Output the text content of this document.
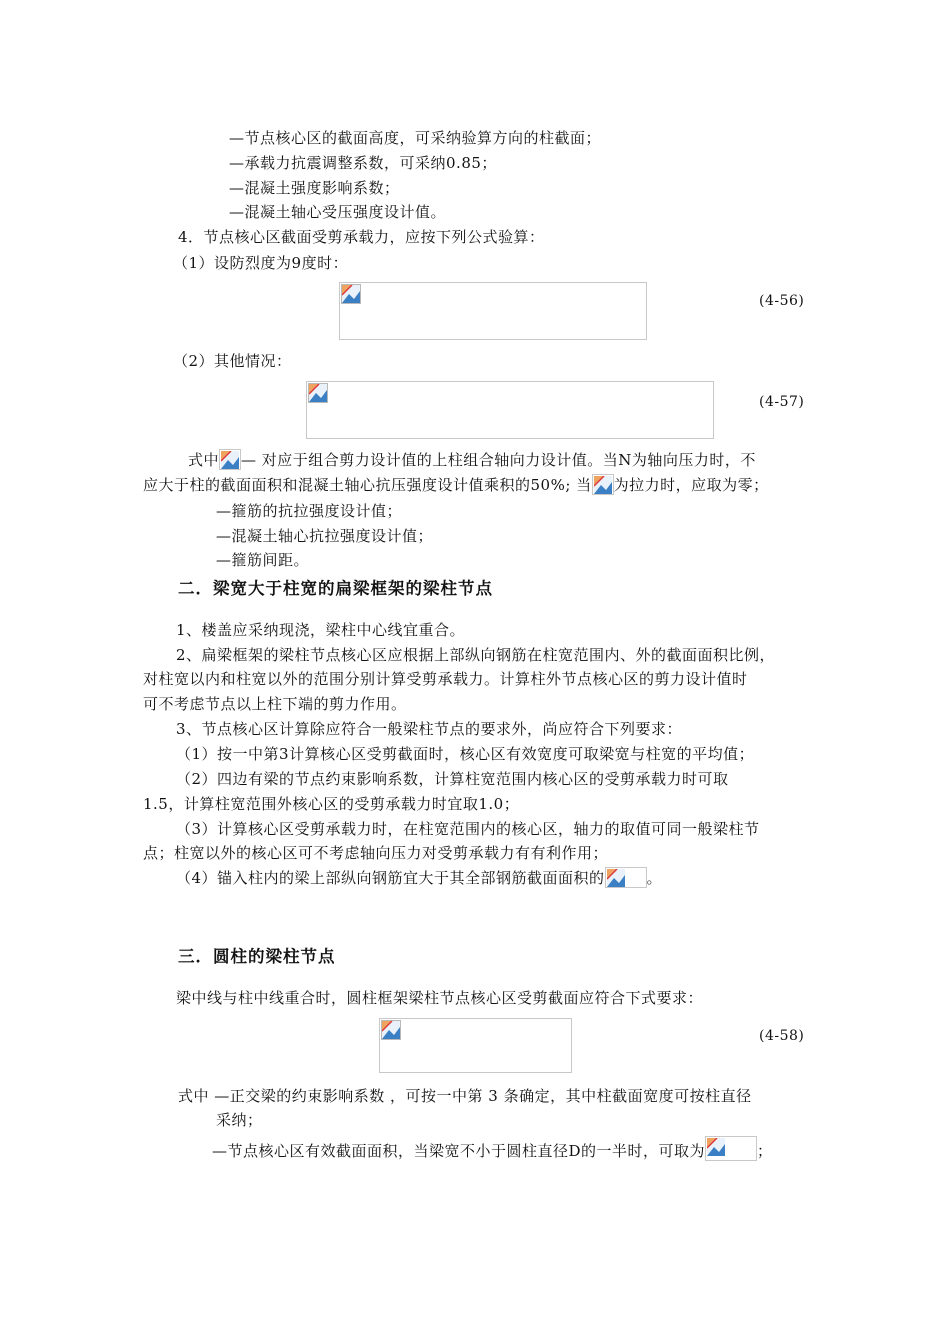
—节点核心区的截面高度，可采纳验算方向的柱截面；
—承载力抗震调整系数，可采纳0.85；
—混凝土强度影响系数；
—混凝土轴心受压强度设计值。
4．节点核心区截面受剪承载力，应按下列公式验算：
（1）设防烈度为9度时：
(4-56)
（2）其他情况：
(4-57)
式中 — 对应于组合剪力设计值的上柱组合轴向力设计值。当N为轴向压力时，不
应大于柱的截面面积和混凝土轴心抗压强度设计值乘积的50%; 当 为拉力时，应取为零；
—箍筋的抗拉强度设计值；
—混凝土轴心抗拉强度设计值；
—箍筋间距。
二．梁宽大于柱宽的扁梁框架的梁柱节点
1、楼盖应采纳现浇，梁柱中心线宜重合。
2、扁梁框架的梁柱节点核心区应根据上部纵向钢筋在柱宽范围内、外的截面面积比例，
对柱宽以内和柱宽以外的范围分别计算受剪承载力。计算柱外节点核心区的剪力设计值时
可不考虑节点以上柱下端的剪力作用。
3、节点核心区计算除应符合一般梁柱节点的要求外，尚应符合下列要求：
（1）按一中第3计算核心区受剪截面时，核心区有效宽度可取梁宽与柱宽的平均值；
（2）四边有梁的节点约束影响系数，计算柱宽范围内核心区的受剪承载力时可取
1.5，计算柱宽范围外核心区的受剪承载力时宜取1.0；
（3）计算核心区受剪承载力时，在柱宽范围内的核心区，轴力的取值可同一般梁柱节
点；柱宽以外的核心区可不考虑轴向压力对受剪承载力有有利作用；
（4）锚入柱内的梁上部纵向钢筋宜大于其全部钢筋截面面积的	。
三．圆柱的梁柱节点
梁中线与柱中线重合时，圆柱框架梁柱节点核心区受剪截面应符合下式要求：
(4-58)
式中 —正交梁的约束影响系数 ，可按一中第 3 条确定，其中柱截面宽度可按柱直径
采纳；
—节点核心区有效截面面积，当梁宽不小于圆柱直径D的一半时，可取为	；
